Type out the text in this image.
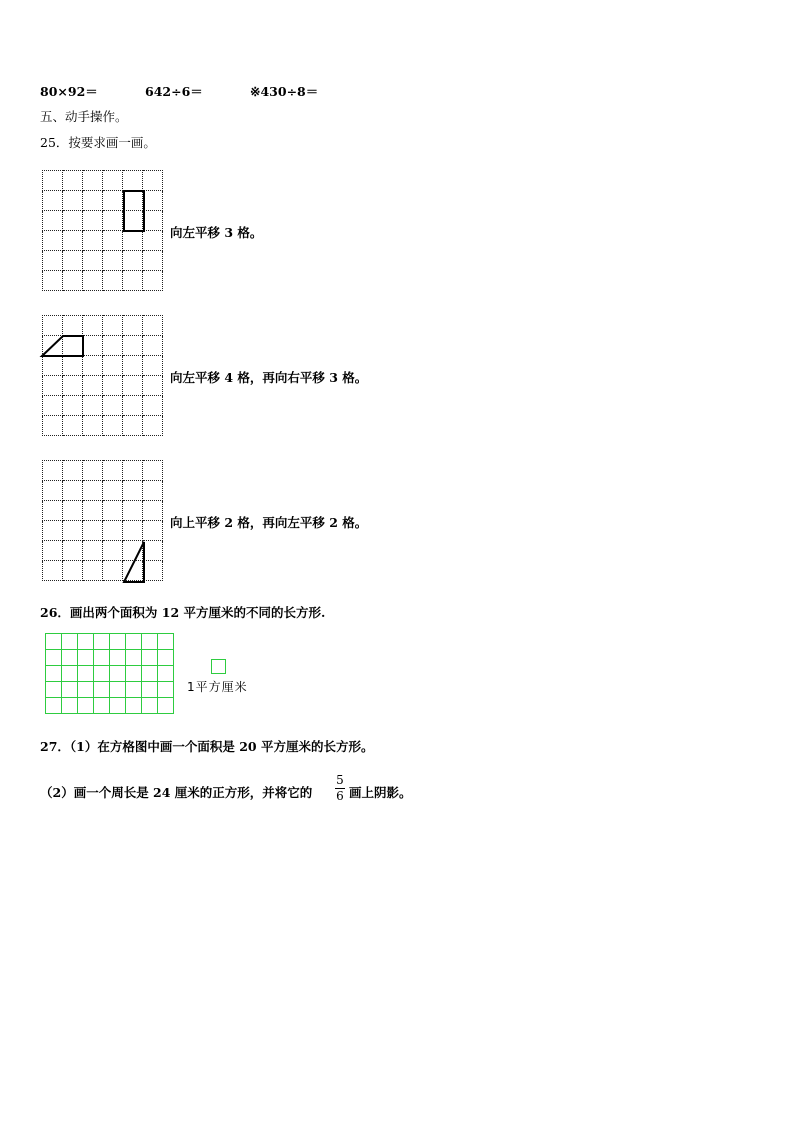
80×92＝	642÷6＝	※430÷8＝
五、动手操作。
25．按要求画一画。

向左平移 3 格。

向左平移 4 格，再向右平移 3 格。

向上平移 2 格，再向左平移 2 格。
26．画出两个面积为 12 平方厘米的不同的长方形.

1平方厘米
27．（1）在方格图中画一个面积是 20 平方厘米的长方形。
（2）画一个周长是 24 厘米的正方形，并将它的
5
6 画上阴影。
